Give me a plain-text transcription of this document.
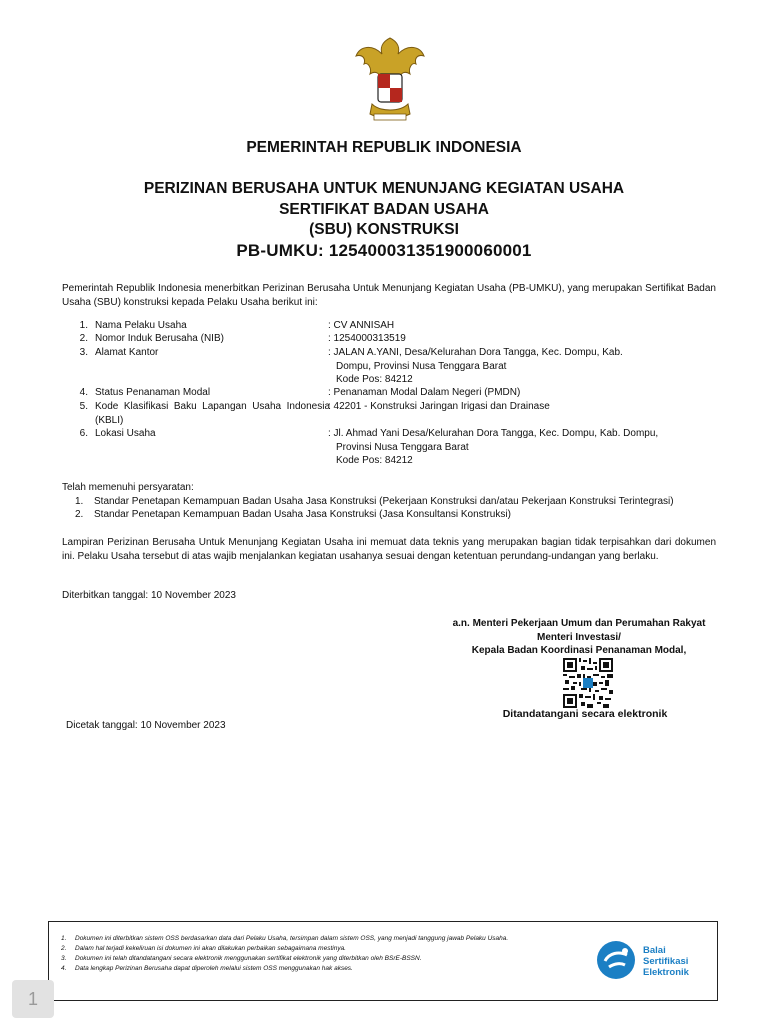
PEMERINTAH REPUBLIK INDONESIA
PERIZINAN BERUSAHA UNTUK MENUNJANG KEGIATAN USAHA
SERTIFIKAT BADAN USAHA
(SBU) KONSTRUKSI
PB-UMKU: 125400031351900060001
Pemerintah Republik Indonesia menerbitkan Perizinan Berusaha Untuk Menunjang Kegiatan Usaha (PB-UMKU), yang merupakan Sertifikat Badan Usaha (SBU) konstruksi kepada Pelaku Usaha berikut ini:
1. Nama Pelaku Usaha	: CV ANNISAH
2. Nomor Induk Berusaha (NIB)	: 1254000313519
3. Alamat Kantor	: JALAN A.YANI, Desa/Kelurahan Dora Tangga, Kec. Dompu, Kab.
Dompu, Provinsi Nusa Tenggara Barat
Kode Pos: 84212
4. Status Penanaman Modal	: Penanaman Modal Dalam Negeri (PMDN)
5. Kode Klasifikasi Baku Lapangan Usaha Indonesia (KBLI)
: 42201 - Konstruksi Jaringan Irigasi dan Drainase
6. Lokasi Usaha	: Jl. Ahmad Yani Desa/Kelurahan Dora Tangga, Kec. Dompu, Kab. Dompu,
Provinsi Nusa Tenggara Barat
Kode Pos: 84212
Telah memenuhi persyaratan:
1. Standar Penetapan Kemampuan Badan Usaha Jasa Konstruksi (Pekerjaan Konstruksi dan/atau Pekerjaan Konstruksi Terintegrasi)
2. Standar Penetapan Kemampuan Badan Usaha Jasa Konstruksi (Jasa Konsultansi Konstruksi)
Lampiran Perizinan Berusaha Untuk Menunjang Kegiatan Usaha ini memuat data teknis yang merupakan bagian tidak terpisahkan dari dokumen ini. Pelaku Usaha tersebut di atas wajib menjalankan kegiatan usahanya sesuai dengan ketentuan perundang-undangan yang berlaku.
Diterbitkan tanggal: 10 November 2023
a.n. Menteri Pekerjaan Umum dan Perumahan Rakyat
Menteri Investasi/
Kepala Badan Koordinasi Penanaman Modal,
Ditandatangani secara elektronik
Dicetak tanggal: 10 November 2023
1. Dokumen ini diterbitkan sistem OSS berdasarkan data dari Pelaku Usaha, tersimpan dalam sistem OSS, yang menjadi tanggung jawab Pelaku Usaha.
2. Dalam hal terjadi kekeliruan isi dokumen ini akan dilakukan perbaikan sebagaimana mestinya.
3. Dokumen ini telah ditandatangani secara elektronik menggunakan sertifikat elektronik yang diterbitkan oleh BSrE-BSSN.
4. Data lengkap Perizinan Berusaha dapat diperoleh melalui sistem OSS menggunakan hak akses.
Balai
Sertifikasi
Elektronik
1
